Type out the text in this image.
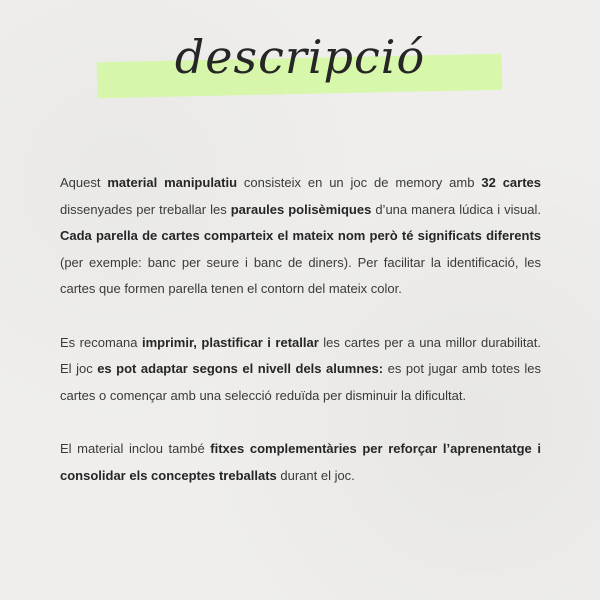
descripció

Aquest material manipulatiu consisteix en un joc de memory amb 32 cartes dissenyades per treballar les paraules polisèmiques d’una manera lúdica i visual. Cada parella de cartes comparteix el mateix nom però té significats diferents (per exemple: banc per seure i banc de diners). Per facilitar la identificació, les cartes que formen parella tenen el contorn del mateix color.

Es recomana imprimir, plastificar i retallar les cartes per a una millor durabilitat. El joc es pot adaptar segons el nivell dels alumnes: es pot jugar amb totes les cartes o començar amb una selecció reduïda per disminuir la dificultat.

El material inclou també fitxes complementàries per reforçar l’aprenentatge i consolidar els conceptes treballats durant el joc.
